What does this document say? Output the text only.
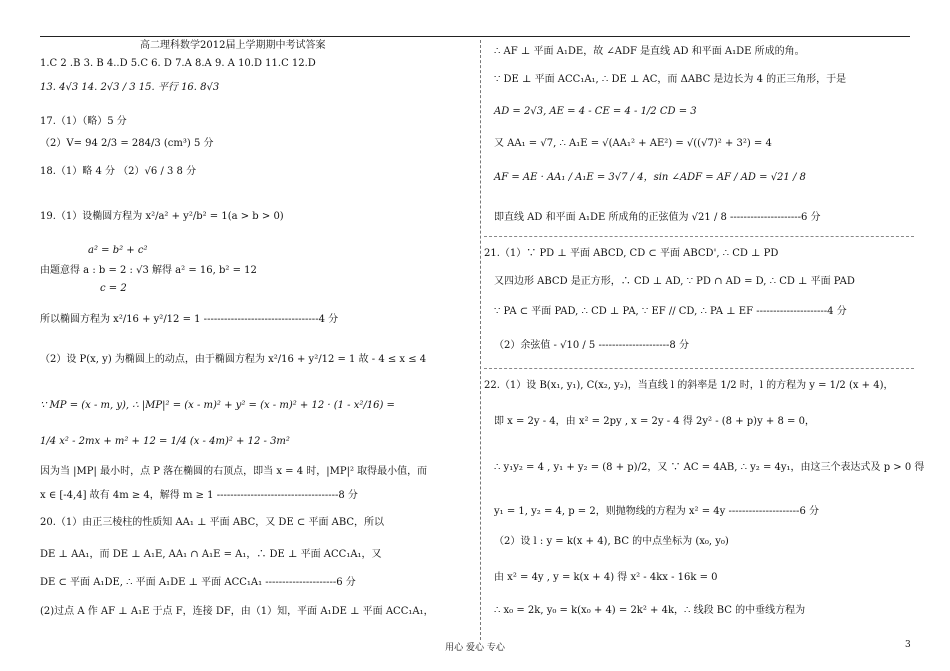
高二理科数学2012届上学期期中考试答案
1.C 2 .B 3. B 4..D 5.C 6. D 7.A 8.A 9. A 10.D 11.C 12.D
13. 4√3 14. 2√3 / 3 15. 平行 16. 8√3
17.（1）（略）5 分
（2）V= 94 2/3 = 284/3 (cm³) 5 分
18.（1）略 4 分 （2）√6 / 3 8 分
19.（1）设椭圆方程为 x²/a² + y²/b² = 1(a > b > 0)
a² = b² + c²
由题意得 a : b = 2 : √3 解得 a² = 16, b² = 12
c = 2
所以椭圆方程为 x²/16 + y²/12 = 1 ----------------------------------4 分
（2）设 P(x, y) 为椭圆上的动点，由于椭圆方程为 x²/16 + y²/12 = 1 故 - 4 ≤ x ≤ 4
∵ MP = (x - m, y), ∴ |MP|² = (x - m)² + y² = (x - m)² + 12 · (1 - x²/16) =
1/4 x² - 2mx + m² + 12 = 1/4 (x - 4m)² + 12 - 3m²
因为当 |MP| 最小时，点 P 落在椭圆的右顶点，即当 x = 4 时，|MP|² 取得最小值，而
x ∈ [-4,4] 故有 4m ≥ 4，解得 m ≥ 1 ------------------------------------8 分
20.（1）由正三棱柱的性质知 AA₁ ⊥ 平面 ABC，又 DE ⊂ 平面 ABC，所以
DE ⊥ AA₁，而 DE ⊥ A₁E, AA₁ ∩ A₁E = A₁，∴ DE ⊥ 平面 ACC₁A₁，又
DE ⊂ 平面 A₁DE, ∴ 平面 A₁DE ⊥ 平面 ACC₁A₁ ---------------------6 分
(2)过点 A 作 AF ⊥ A₁E 于点 F，连接 DF，由（1）知，平面 A₁DE ⊥ 平面 ACC₁A₁，
∴ AF ⊥ 平面 A₁DE，故 ∠ADF 是直线 AD 和平面 A₁DE 所成的角。
∵ DE ⊥ 平面 ACC₁A₁, ∴ DE ⊥ AC，而 ΔABC 是边长为 4 的正三角形，于是
AD = 2√3, AE = 4 - CE = 4 - 1/2 CD = 3
又 AA₁ = √7, ∴ A₁E = √(AA₁² + AE²) = √((√7)² + 3²) = 4
AF = AE · AA₁ / A₁E = 3√7 / 4，sin ∠ADF = AF / AD = √21 / 8
即直线 AD 和平面 A₁DE 所成角的正弦值为 √21 / 8 ---------------------6 分
21.（1）∵ PD ⊥ 平面 ABCD, CD ⊂ 平面 ABCD', ∴ CD ⊥ PD
又四边形 ABCD 是正方形，∴ CD ⊥ AD, ∵ PD ∩ AD = D, ∴ CD ⊥ 平面 PAD
∵ PA ⊂ 平面 PAD, ∴ CD ⊥ PA, ∵ EF // CD, ∴ PA ⊥ EF ---------------------4 分
（2）余弦值 - √10 / 5 ---------------------8 分
22.（1）设 B(x₁, y₁), C(x₂, y₂)，当直线 l 的斜率是 1/2 时，l 的方程为 y = 1/2 (x + 4)，
即 x = 2y - 4，由 x² = 2py , x = 2y - 4 得 2y² - (8 + p)y + 8 = 0，
∴ y₁y₂ = 4 , y₁ + y₂ = (8 + p)/2，又 ∵ AC = 4AB, ∴ y₂ = 4y₁，由这三个表达式及 p > 0 得
y₁ = 1, y₂ = 4, p = 2，则抛物线的方程为 x² = 4y ---------------------6 分
（2）设 l : y = k(x + 4), BC 的中点坐标为 (x₀, y₀)
由 x² = 4y , y = k(x + 4) 得 x² - 4kx - 16k = 0
∴ x₀ = 2k, y₀ = k(x₀ + 4) = 2k² + 4k，∴ 线段 BC 的中垂线方程为
用心 爱心 专心	3
